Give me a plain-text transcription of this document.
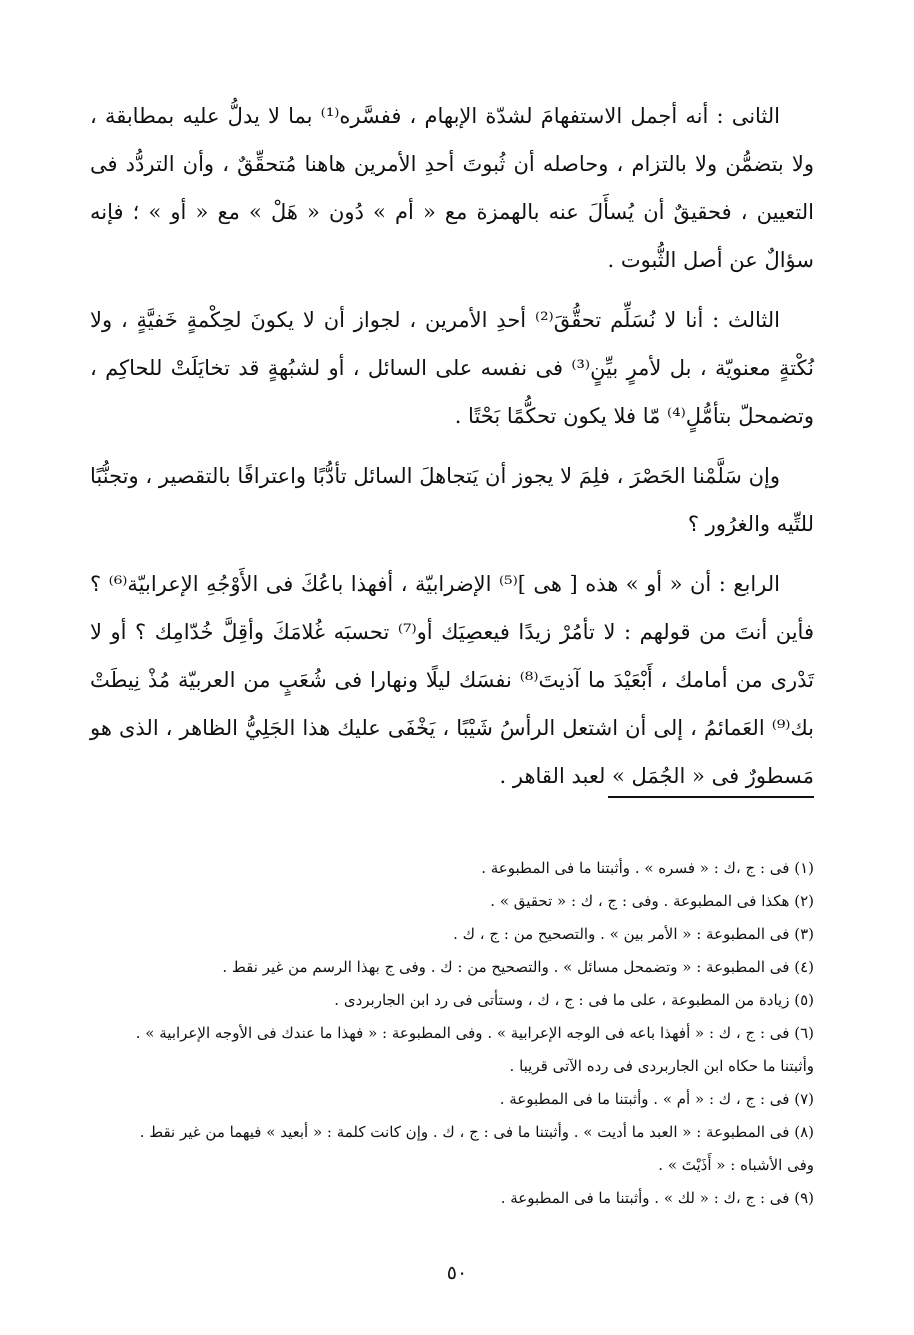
الثانى : أنه أجمل الاستفهامَ لشدّة الإبهام ، ففسَّره⁽¹⁾ بما لا يدلُّ عليه بمطابقة ، ولا بتضمُّن ولا بالتزام ، وحاصله أن ثُبوتَ أحدِ الأمرين هاهنا مُتحقِّقٌ ، وأن التردُّد فى التعيين ، فحقيقٌ أن يُسأَلَ عنه بالهمزة مع « أم » دُون « هَلْ » مع « أو » ؛ فإنه سؤالٌ عن أصل الثُّبوت .

الثالث : أنا لا نُسَلِّم تحقُّقَ⁽²⁾ أحدِ الأمرين ، لجواز أن لا يكونَ لحِكْمةٍ خَفيَّةٍ ، ولا نُكْتةٍ معنويّة ، بل لأمرٍ بيِّنٍ⁽³⁾ فى نفسه على السائل ، أو لشبُهةٍ قد تخايَلَتْ للحاكِم ، وتضمحلّ بتأمُّلٍ⁽⁴⁾ مّا فلا يكون تحكُّمًا بَحْتًا .

وإن سَلَّمْنا الحَصْرَ ، فلِمَ لا يجوز أن يَتجاهلَ السائل تأدُّبًا واعترافًا بالتقصير ، وتجنُّبًا للتِّيه والغرُور ؟

الرابع : أن « أو » هذه [ هى ]⁽⁵⁾ الإضرابيّة ، أفهذا باعُكَ فى الأَوْجُهِ الإعرابيّة⁽⁶⁾ ؟ فأين أنتَ من قولهم : لا تأمُرْ زيدًا فيعصِيَك أو⁽⁷⁾ تحسبَه غُلامَكَ وأقِلَّ خُدّامِك ؟ أو لا تَدْرى من أمامك ، أَبْعَيْدَ ما آذيتَ⁽⁸⁾ نفسَك ليلًا ونهارا فى شُعَبٍ من العربيّة مُذْ نِيطَتْ بك⁽⁹⁾ العَمائمُ ، إلى أن اشتعل الرأسُ شَيْبًا ، يَخْفَى عليك هذا الجَلِيُّ الظاهر ، الذى هو مَسطورٌ فى « الجُمَل » لعبد القاهر .

(١) فى : ج ،ك : « فسره » . وأثبتنا ما فى المطبوعة .
(٢) هكذا فى المطبوعة . وفى : ج ، ك : « تحقيق » .
(٣) فى المطبوعة : « الأمر بين » . والتصحيح من : ج ، ك .
(٤) فى المطبوعة : « وتضمحل مسائل » . والتصحيح من : ك . وفى ج بهذا الرسم من غير نقط .
(٥) زيادة من المطبوعة ، على ما فى : ج ، ك ، وستأتى فى رد ابن الجاربردى .
(٦) فى : ج ، ك : « أفهذا باعه فى الوجه الإعرابية » . وفى المطبوعة : « فهذا ما عندك فى الأوجه الإعرابية » .
وأثبتنا ما حكاه ابن الجاربردى فى رده الآتى قريبا .
(٧) فى : ج ، ك : « أم » . وأثبتنا ما فى المطبوعة .
(٨) فى المطبوعة : « العبد ما أديت » . وأثبتنا ما فى : ج ، ك . وإن كانت كلمة : « أبعيد » فيهما من غير نقط .
وفى الأشباه : « أَذَيْتَ » .
(٩) فى : ج ،ك : « لك » . وأثبتنا ما فى المطبوعة .
٥٠
